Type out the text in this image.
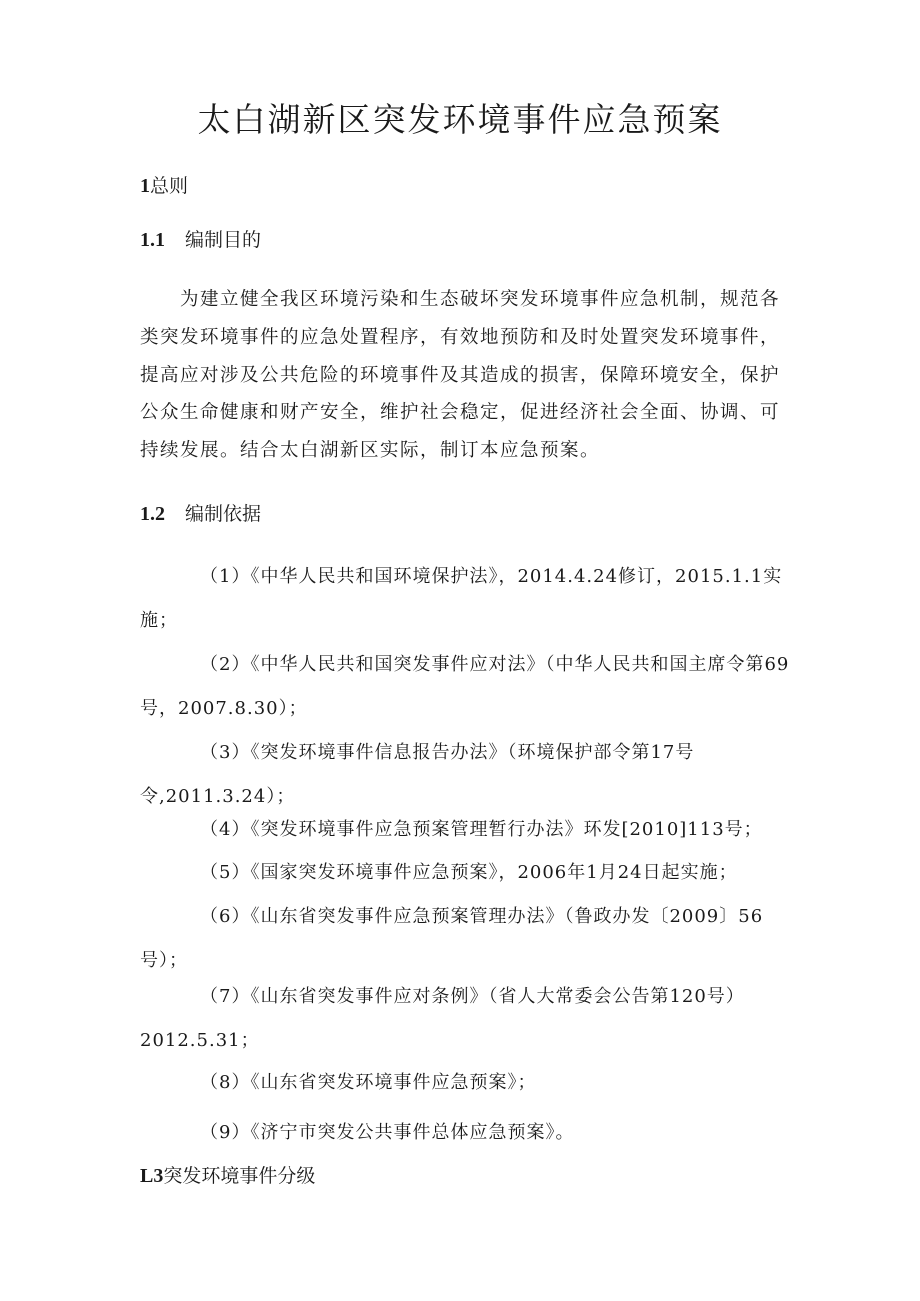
太白湖新区突发环境事件应急预案
1总则
1.1 编制目的
为建立健全我区环境污染和生态破坏突发环境事件应急机制，规范各类突发环境事件的应急处置程序，有效地预防和及时处置突发环境事件，提高应对涉及公共危险的环境事件及其造成的损害，保障环境安全，保护公众生命健康和财产安全，维护社会稳定，促进经济社会全面、协调、可持续发展。结合太白湖新区实际，制订本应急预案。
1.2 编制依据
（1）《中华人民共和国环境保护法》，2014.4.24修订，2015.1.1实施；
（2）《中华人民共和国突发事件应对法》（中华人民共和国主席令第69号，2007.8.30）；
（3）《突发环境事件信息报告办法》（环境保护部令第17号令,2011.3.24）；
（4）《突发环境事件应急预案管理暂行办法》环发[2010]113号；
（5）《国家突发环境事件应急预案》，2006年1月24日起实施；
（6）《山东省突发事件应急预案管理办法》（鲁政办发〔2009〕56号）；
（7）《山东省突发事件应对条例》（省人大常委会公告第120号）2012.5.31；
（8）《山东省突发环境事件应急预案》；
（9）《济宁市突发公共事件总体应急预案》。
L3突发环境事件分级
